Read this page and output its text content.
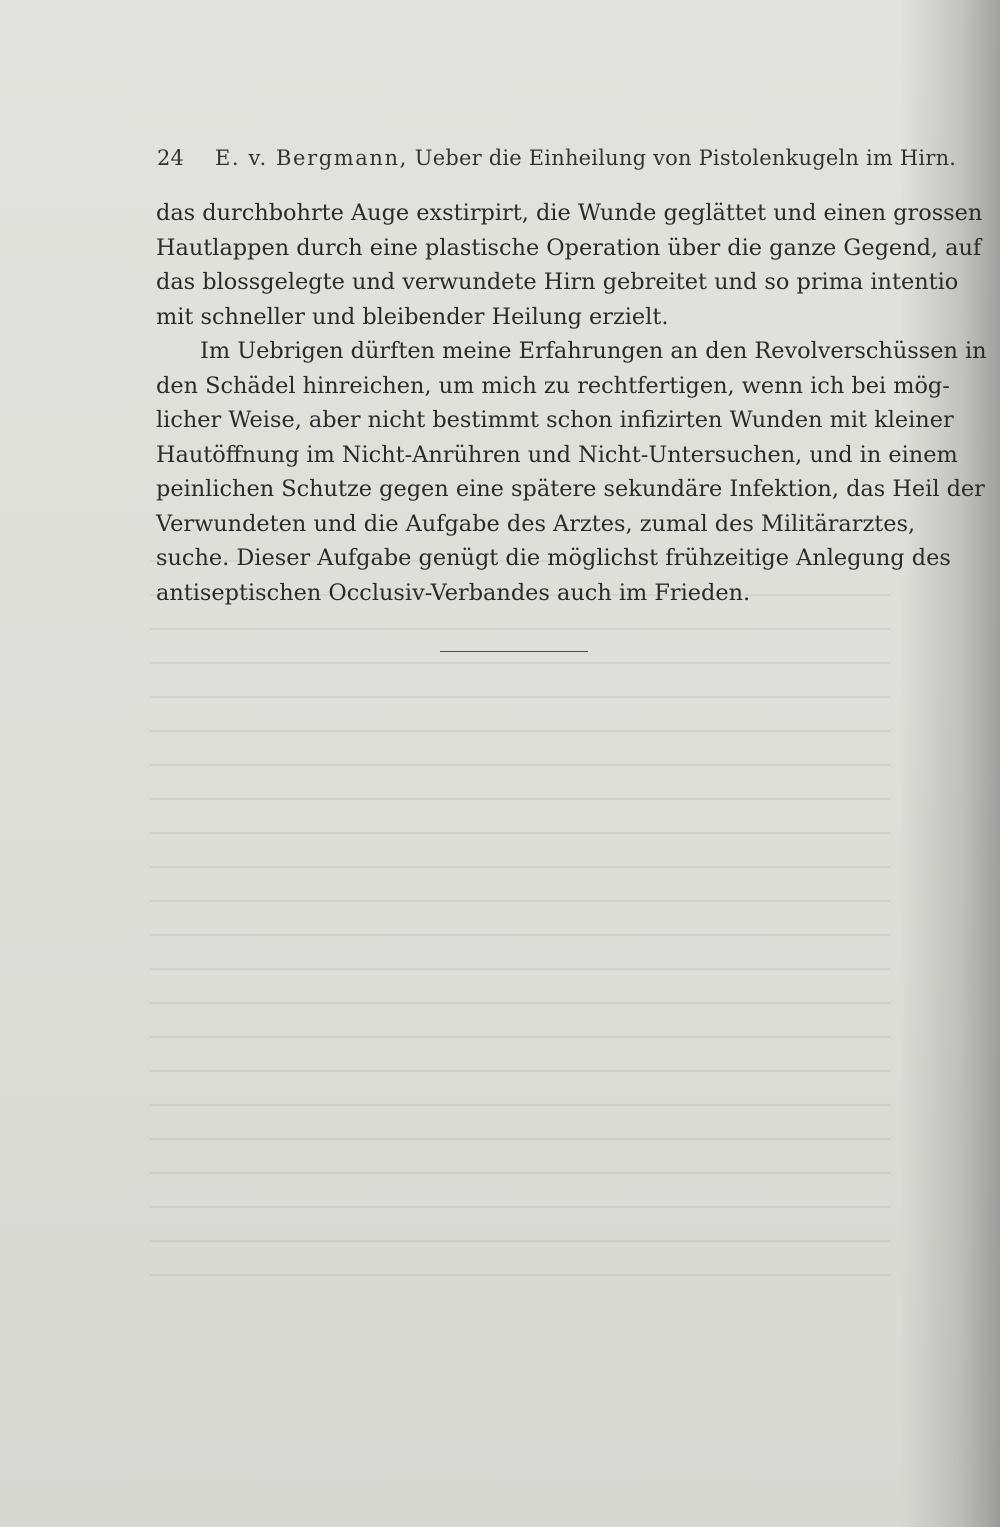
24 E. v. Bergmann, Ueber die Einheilung von Pistolenkugeln im Hirn.
das durchbohrte Auge exstirpirt, die Wunde geglättet und einen grossen
Hautlappen durch eine plastische Operation über die ganze Gegend, auf
das blossgelegte und verwundete Hirn gebreitet und so prima intentio
mit schneller und bleibender Heilung erzielt.
Im Uebrigen dürften meine Erfahrungen an den Revolverschüssen in
den Schädel hinreichen, um mich zu rechtfertigen, wenn ich bei mög-
licher Weise, aber nicht bestimmt schon infizirten Wunden mit kleiner
Hautöffnung im Nicht-Anrühren und Nicht-Untersuchen, und in einem
peinlichen Schutze gegen eine spätere sekundäre Infektion, das Heil der
Verwundeten und die Aufgabe des Arztes, zumal des Militärarztes,
suche. Dieser Aufgabe genügt die möglichst frühzeitige Anlegung des
antiseptischen Occlusiv-Verbandes auch im Frieden.
